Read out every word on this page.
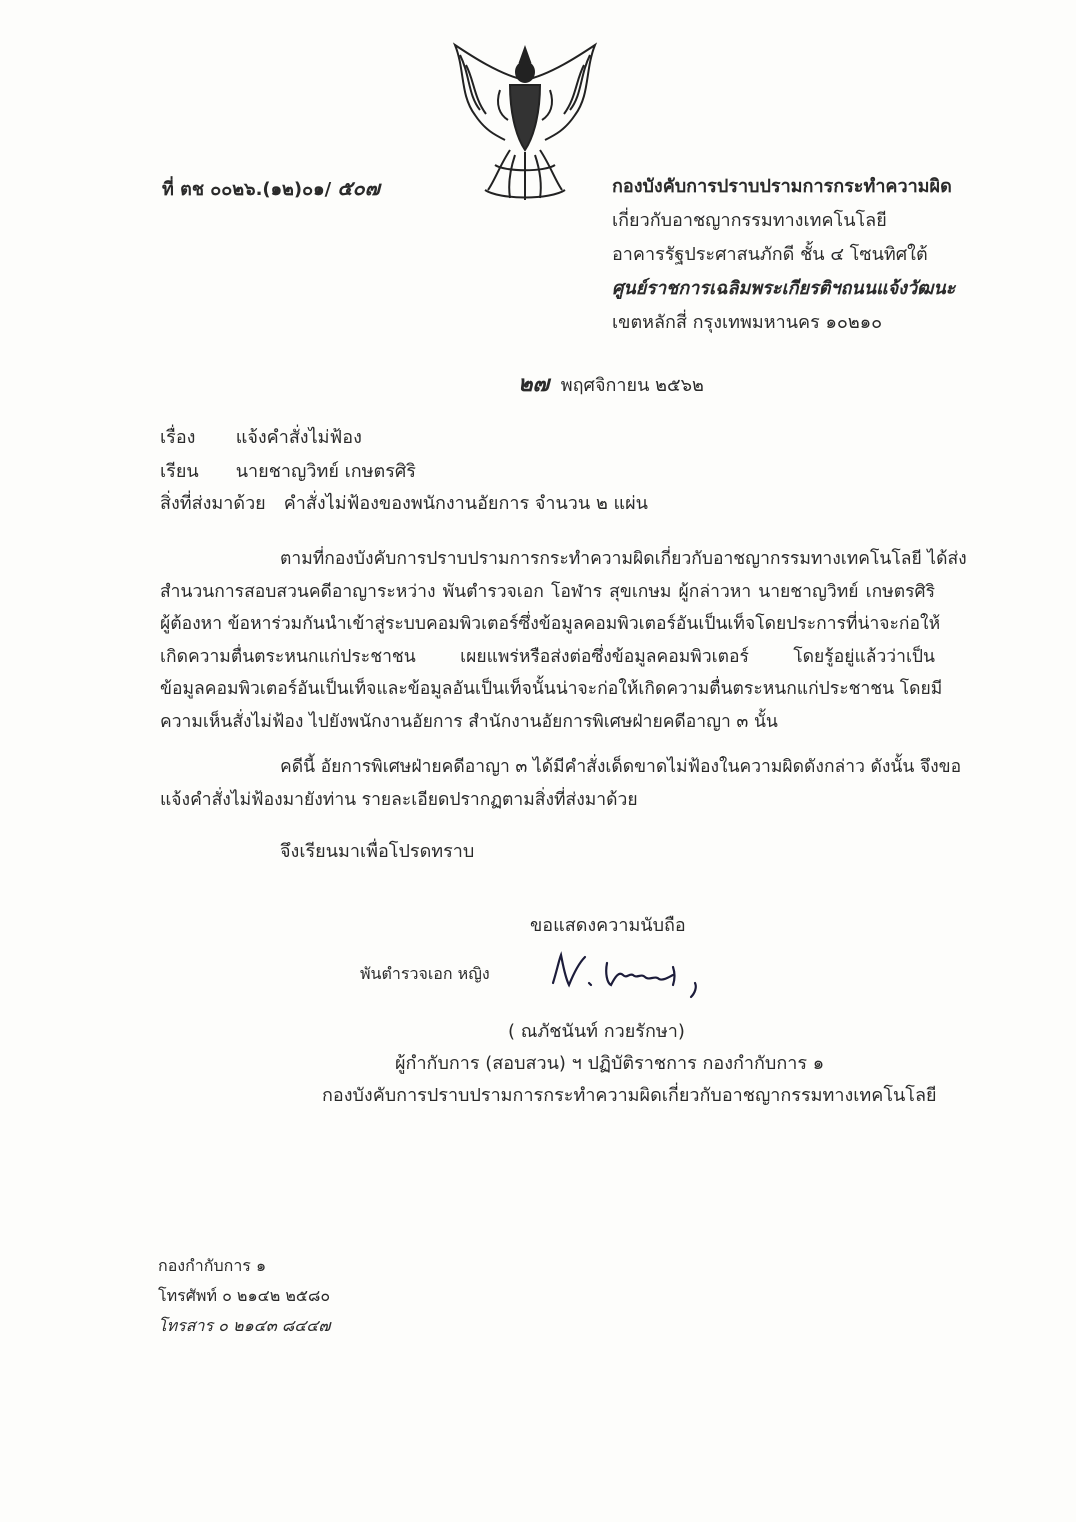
ที่ ตช ๐๐๒๖.(๑๒)๐๑/ ๕๐๗	กองบังคับการปราบปรามการกระทำความผิด
เกี่ยวกับอาชญากรรมทางเทคโนโลยี
อาคารรัฐประศาสนภักดี ชั้น ๔ โซนทิศใต้
ศูนย์ราชการเฉลิมพระเกียรติฯถนนแจ้งวัฒนะ
เขตหลักสี่ กรุงเทพมหานคร ๑๐๒๑๐
๒๗ พฤศจิกายน ๒๕๖๒
เรื่อง แจ้งคำสั่งไม่ฟ้อง
เรียน นายชาญวิทย์ เกษตรศิริ
สิ่งที่ส่งมาด้วย คำสั่งไม่ฟ้องของพนักงานอัยการ จำนวน ๒ แผ่น
ตามที่กองบังคับการปราบปรามการกระทำความผิดเกี่ยวกับอาชญากรรมทางเทคโนโลยี ได้ส่ง
สำนวนการสอบสวนคดีอาญาระหว่าง พันตำรวจเอก โอฬาร สุขเกษม ผู้กล่าวหา นายชาญวิทย์ เกษตรศิริ
ผู้ต้องหา ข้อหาร่วมกันนำเข้าสู่ระบบคอมพิวเตอร์ซึ่งข้อมูลคอมพิวเตอร์อันเป็นเท็จโดยประการที่น่าจะก่อให้
เกิดความตื่นตระหนกแก่ประชาชน เผยแพร่หรือส่งต่อซึ่งข้อมูลคอมพิวเตอร์ โดยรู้อยู่แล้วว่าเป็น
ข้อมูลคอมพิวเตอร์อันเป็นเท็จและข้อมูลอันเป็นเท็จนั้นน่าจะก่อให้เกิดความตื่นตระหนกแก่ประชาชน โดยมี
ความเห็นสั่งไม่ฟ้อง ไปยังพนักงานอัยการ สำนักงานอัยการพิเศษฝ่ายคดีอาญา ๓ นั้น
คดีนี้ อัยการพิเศษฝ่ายคดีอาญา ๓ ได้มีคำสั่งเด็ดขาดไม่ฟ้องในความผิดดังกล่าว ดังนั้น จึงขอ
แจ้งคำสั่งไม่ฟ้องมายังท่าน รายละเอียดปรากฏตามสิ่งที่ส่งมาด้วย
จึงเรียนมาเพื่อโปรดทราบ
ขอแสดงความนับถือ
พันตำรวจเอก หญิง
( ณภัชนันท์ กวยรักษา)
ผู้กำกับการ (สอบสวน) ฯ ปฏิบัติราชการ กองกำกับการ ๑
กองบังคับการปราบปรามการกระทำความผิดเกี่ยวกับอาชญากรรมทางเทคโนโลยี
กองกำกับการ ๑
โทรศัพท์ ๐ ๒๑๔๒ ๒๕๘๐
โทรสาร ๐ ๒๑๔๓ ๘๔๔๗
